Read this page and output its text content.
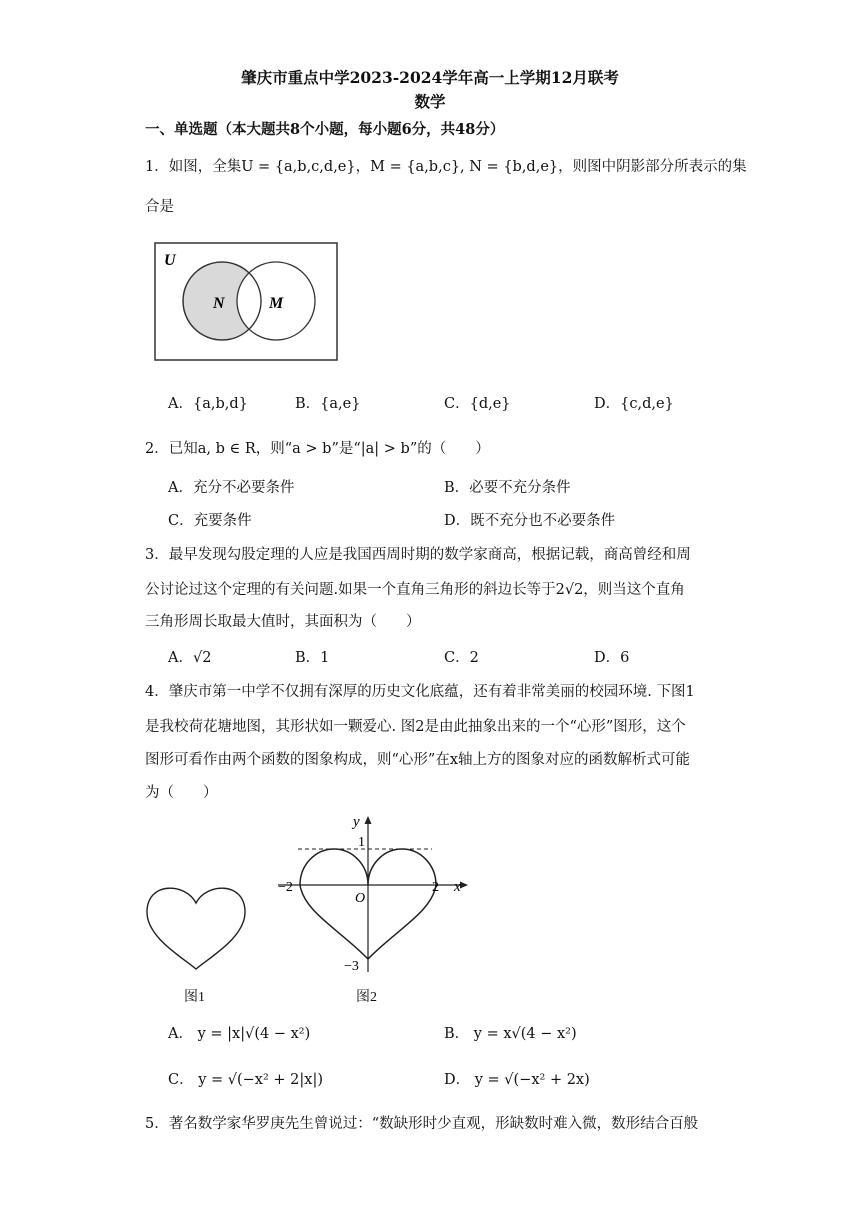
肇庆市重点中学2023-2024学年高一上学期12月联考
数学
一、单选题（本大题共8个小题，每小题6分，共48分）
1．如图，全集U = {a,b,c,d,e}，M = {a,b,c}, N = {b,d,e}，则图中阴影部分所表示的集
合是
U
N	M
A．{a,b,d}	B．{a,e}	C．{d,e}	D．{c,d,e}
2．已知a, b ∈ R，则“a > b”是“|a| > b”的（　　）
A．充分不必要条件	B．必要不充分条件
C．充要条件	D．既不充分也不必要条件
3．最早发现勾股定理的人应是我国西周时期的数学家商高，根据记载，商高曾经和周
公讨论过这个定理的有关问题.如果一个直角三角形的斜边长等于2√2，则当这个直角
三角形周长取最大值时，其面积为（　　）
A．√2	B．1	C．2	D．6
4．肇庆市第一中学不仅拥有深厚的历史文化底蕴，还有着非常美丽的校园环境. 下图1
是我校荷花塘地图，其形状如一颗爱心. 图2是由此抽象出来的一个“心形”图形，这个
图形可看作由两个函数的图象构成，则“心形”在x轴上方的图象对应的函数解析式可能
为（　　）
图1
y
x
O
1
−2	2
−3
图2
A． y = |x|√(4 − x²)	B． y = x√(4 − x²)
C． y = √(−x² + 2|x|)	D． y = √(−x² + 2x)
5．著名数学家华罗庚先生曾说过：“数缺形时少直观，形缺数时难入微，数形结合百般
